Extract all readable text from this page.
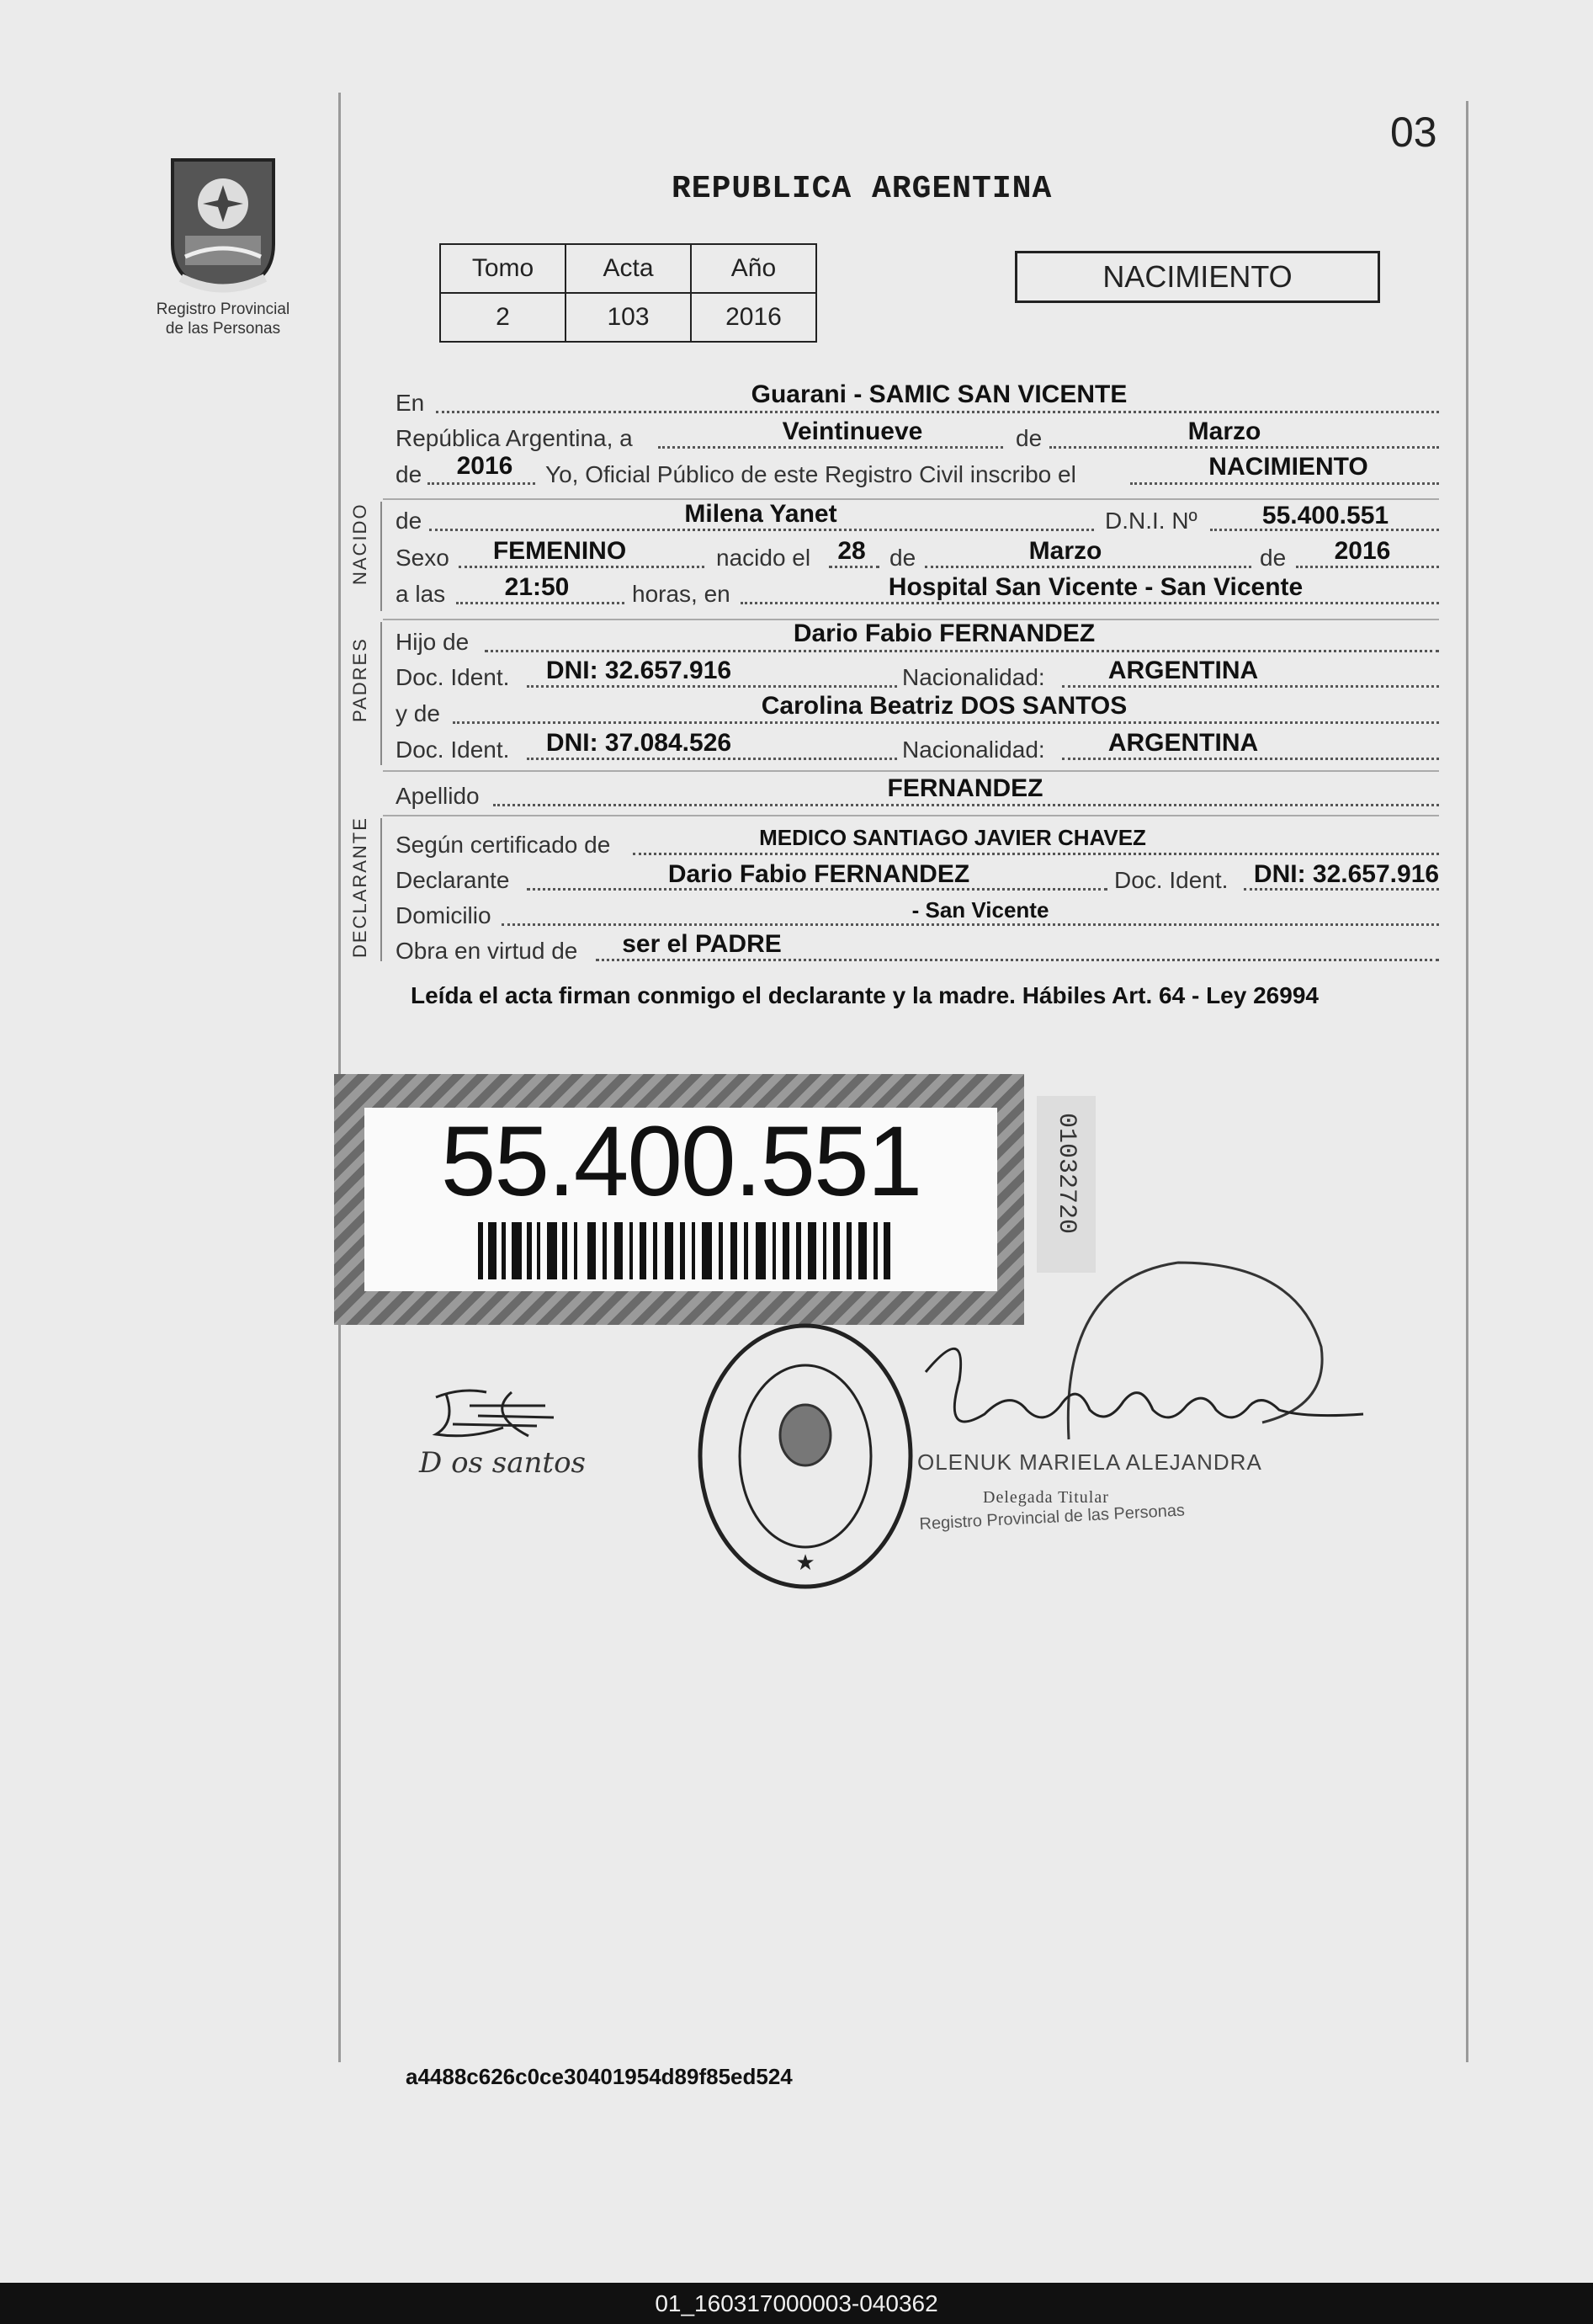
03
Registro Provincial
de las Personas
REPUBLICA ARGENTINA
Tomo	Acta	Año
2	103	2016
NACIMIENTO
NACIDO
PADRES
DECLARANTE
En	Guarani - SAMIC SAN VICENTE
República Argentina, a	Veintinueve	de	Marzo
de 2016 Yo, Oficial Público de este Registro Civil inscribo el	NACIMIENTO
de	Milena Yanet	D.N.I. Nº	55.400.551
Sexo FEMENINO	nacido el 28 de	Marzo	de 2016
a las 21:50	horas, en	Hospital San Vicente - San Vicente
Hijo de	Dario Fabio FERNANDEZ
Doc. Ident. DNI: 32.657.916	Nacionalidad:	ARGENTINA
y de	Carolina Beatriz DOS SANTOS
Doc. Ident. DNI: 37.084.526	Nacionalidad:	ARGENTINA
Apellido	FERNANDEZ
Según certificado de	MEDICO SANTIAGO JAVIER CHAVEZ
Declarante	Dario Fabio FERNANDEZ	Doc. Ident. DNI: 32.657.916
Domicilio	- San Vicente
Obra en virtud de ser el PADRE
Leída el acta firman conmigo el declarante y la madre. Hábiles Art. 64 - Ley 26994
55.400.551	01032720
★
OLENUK MARIELA ALEJANDRA
Delegada Titular
Registro Provincial de las Personas
D os santos
a4488c626c0ce30401954d89f85ed524
01_160317000003-040362
